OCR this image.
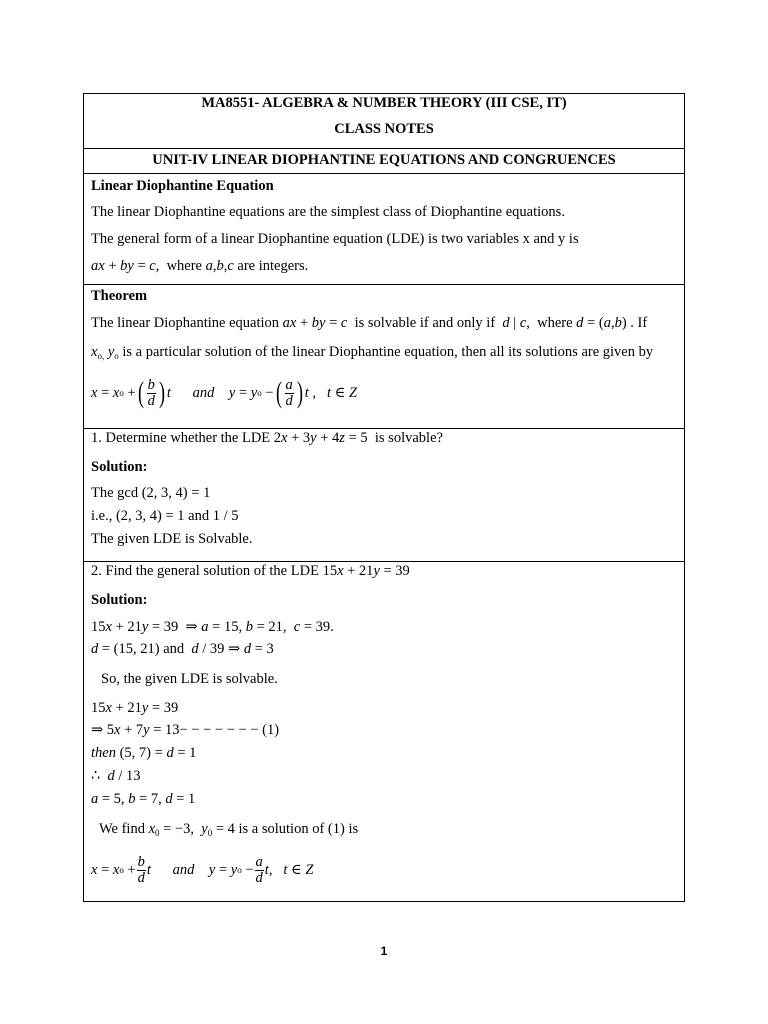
MA8551- ALGEBRA & NUMBER THEORY (III CSE, IT)
CLASS NOTES
UNIT-IV LINEAR DIOPHANTINE EQUATIONS AND CONGRUENCES
Linear Diophantine Equation
The linear Diophantine equations are the simplest class of Diophantine equations.
The general form of a linear Diophantine equation (LDE) is two variables x and y is
ax + by = c,  where a,b,c are integers.
Theorem
The linear Diophantine equation ax + by = c is solvable if and only if d | c,  where d = (a,b) . If
$x_{o,}$ $y_o$ is a particular solution of the linear Diophantine equation, then all its solutions are given by
x = x o + ( $\frac{b}{d}$ ) t
and
y = y o − ( $\frac{a}{d}$ ) t , t ∈ Z
1. Determine whether the LDE 2x + 3y + 4z = 5  is solvable?
Solution:
The gcd (2, 3, 4) = 1
i.e., (2, 3, 4) = 1 and 1 / 5
The given LDE is Solvable.
2. Find the general solution of the LDE 15x + 21y = 39
Solution:
15x + 21y = 39  ⇒ a = 15, b = 21,  c = 39.
d = (15, 21) and  d / 39 ⇒ d = 3
So, the given LDE is solvable.
15x + 21y = 39
⇒ 5x + 7y = 13− − − − − − − (1)
then (5, 7) = d = 1
∴  d / 13
a = 5, b = 7, d = 1
We find $x_0 = -3$,  $y_0 = 4$ is a solution of (1) is
x = x $o + \frac{b}{d}$ t
and
y = y $o - \frac{a}{d}$ t , t ∈ Z
1
